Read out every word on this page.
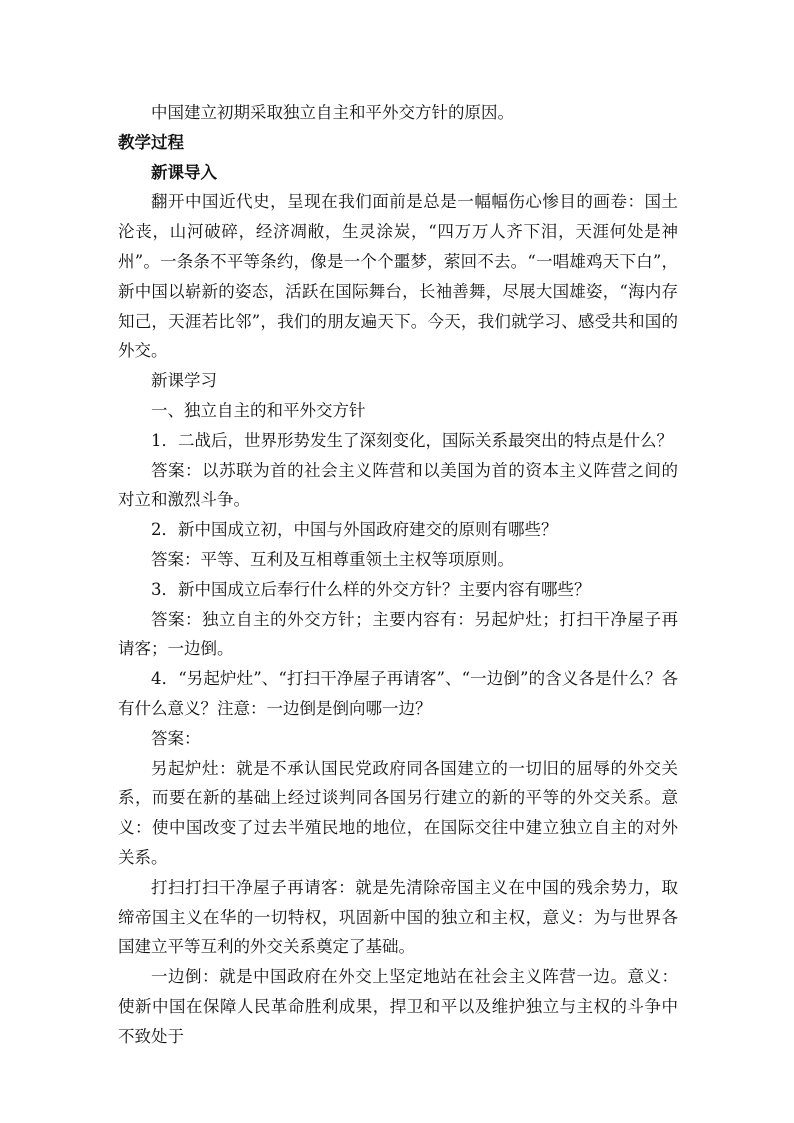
中国建立初期采取独立自主和平外交方针的原因。

教学过程

新课导入

翻开中国近代史，呈现在我们面前是总是一幅幅伤心惨目的画卷：国土沦丧，山河破碎，经济凋敝，生灵涂炭，“四万万人齐下泪，天涯何处是神州”。一条条不平等条约，像是一个个噩梦，萦回不去。“一唱雄鸡天下白”，新中国以崭新的姿态，活跃在国际舞台，长袖善舞，尽展大国雄姿，“海内存知己，天涯若比邻”，我们的朋友遍天下。今天，我们就学习、感受共和国的外交。

新课学习

一、独立自主的和平外交方针

1．二战后，世界形势发生了深刻变化，国际关系最突出的特点是什么？

答案：以苏联为首的社会主义阵营和以美国为首的资本主义阵营之间的对立和激烈斗争。

2．新中国成立初，中国与外国政府建交的原则有哪些？

答案：平等、互利及互相尊重领土主权等项原则。

3．新中国成立后奉行什么样的外交方针？主要内容有哪些？

答案：独立自主的外交方针；主要内容有：另起炉灶；打扫干净屋子再请客；一边倒。

4．“另起炉灶”、“打扫干净屋子再请客”、“一边倒”的含义各是什么？各有什么意义？注意：一边倒是倒向哪一边？

答案：

另起炉灶：就是不承认国民党政府同各国建立的一切旧的屈辱的外交关系，而要在新的基础上经过谈判同各国另行建立的新的平等的外交关系。意义：使中国改变了过去半殖民地的地位，在国际交往中建立独立自主的对外关系。

打扫打扫干净屋子再请客：就是先清除帝国主义在中国的残余势力，取缔帝国主义在华的一切特权，巩固新中国的独立和主权，意义：为与世界各国建立平等互利的外交关系奠定了基础。

一边倒：就是中国政府在外交上坚定地站在社会主义阵营一边。意义：使新中国在保障人民革命胜利成果，捍卫和平以及维护独立与主权的斗争中不致处于
